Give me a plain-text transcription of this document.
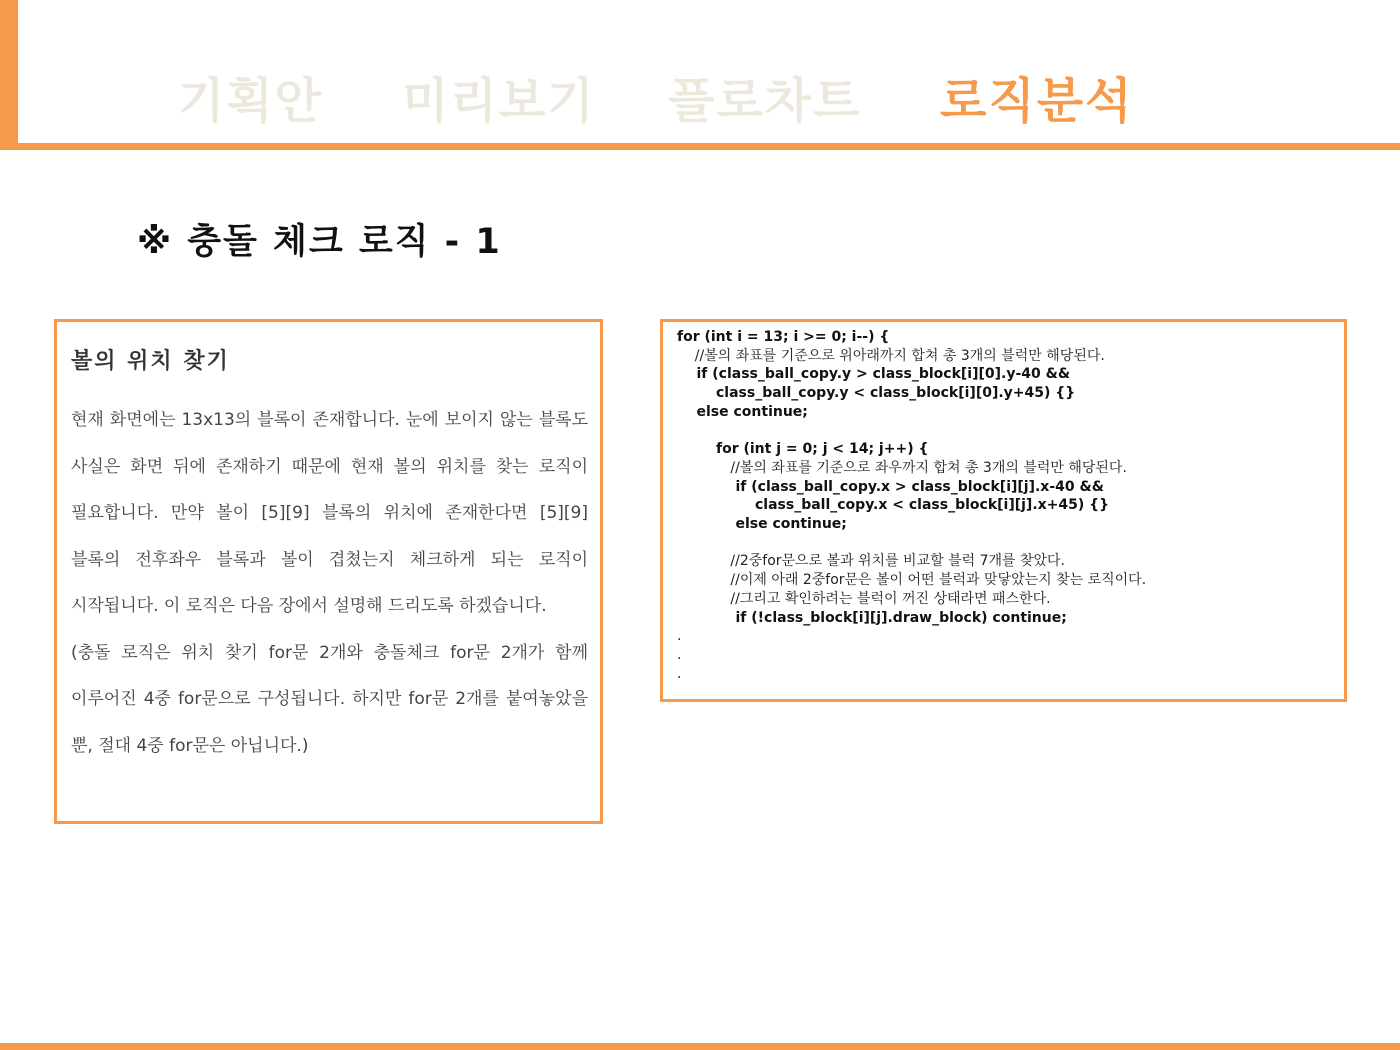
기획안 미리보기 플로차트 로직분석
※ 충돌 체크 로직 - 1
볼의 위치 찾기

현재 화면에는 13x13의 블록이 존재합니다. 눈에 보이지 않는 블록도 사실은 화면 뒤에 존재하기 때문에 현재 볼의 위치를 찾는 로직이 필요합니다. 만약 볼이 [5][9] 블록의 위치에 존재한다면 [5][9] 블록의 전후좌우 블록과 볼이 겹쳤는지 체크하게 되는 로직이 시작됩니다. 이 로직은 다음 장에서 설명해 드리도록 하겠습니다.

(충돌 로직은 위치 찾기 for문 2개와 충돌체크 for문 2개가 함께 이루어진 4중 for문으로 구성됩니다. 하지만 for문 2개를 붙여놓았을 뿐, 절대 4중 for문은 아닙니다.)

for (int i = 13; i >= 0; i--) {
//볼의 좌표를 기준으로 위아래까지 합쳐 총 3개의 블럭만 해당된다.
if (class_ball_copy.y > class_block[i][0].y-40 &&
class_ball_copy.y < class_block[i][0].y+45) {}
else continue;

for (int j = 0; j < 14; j++) {
//볼의 좌표를 기준으로 좌우까지 합쳐 총 3개의 블럭만 해당된다.
if (class_ball_copy.x > class_block[i][j].x-40 &&
class_ball_copy.x < class_block[i][j].x+45) {}
else continue;

//2중for문으로 볼과 위치를 비교할 블럭 7개를 찾았다.
//이제 아래 2중for문은 볼이 어떤 블럭과 맞닿았는지 찾는 로직이다.
//그리고 확인하려는 블럭이 꺼진 상태라면 패스한다.
if (!class_block[i][j].draw_block) continue;
.
.
.
